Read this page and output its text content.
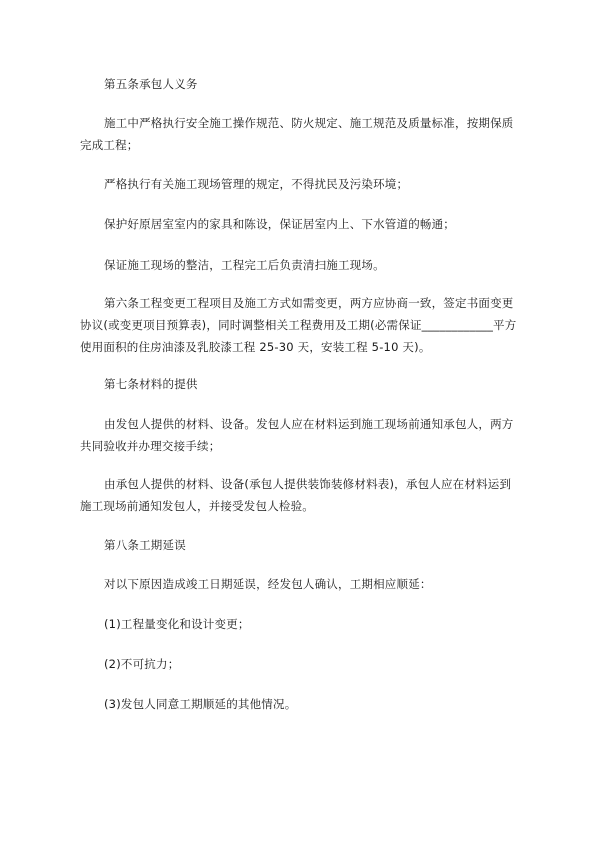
第五条承包人义务

施工中严格执行安全施工操作规范、防火规定、施工规范及质量标准，按期保质完成工程；

严格执行有关施工现场管理的规定，不得扰民及污染环境；

保护好原居室室内的家具和陈设，保证居室内上、下水管道的畅通；

保证施工现场的整洁，工程完工后负责清扫施工现场。

第六条工程变更工程项目及施工方式如需变更，两方应协商一致，签定书面变更协议(或变更项目预算表)，同时调整相关工程费用及工期(必需保证____________平方使用面积的住房油漆及乳胶漆工程 25-30 天，安装工程 5-10 天)。

第七条材料的提供

由发包人提供的材料、设备。发包人应在材料运到施工现场前通知承包人，两方共同验收并办理交接手续；

由承包人提供的材料、设备(承包人提供装饰装修材料表)，承包人应在材料运到施工现场前通知发包人，并接受发包人检验。

第八条工期延误

对以下原因造成竣工日期延误，经发包人确认，工期相应顺延：

(1)工程量变化和设计变更；

(2)不可抗力；

(3)发包人同意工期顺延的其他情况。
